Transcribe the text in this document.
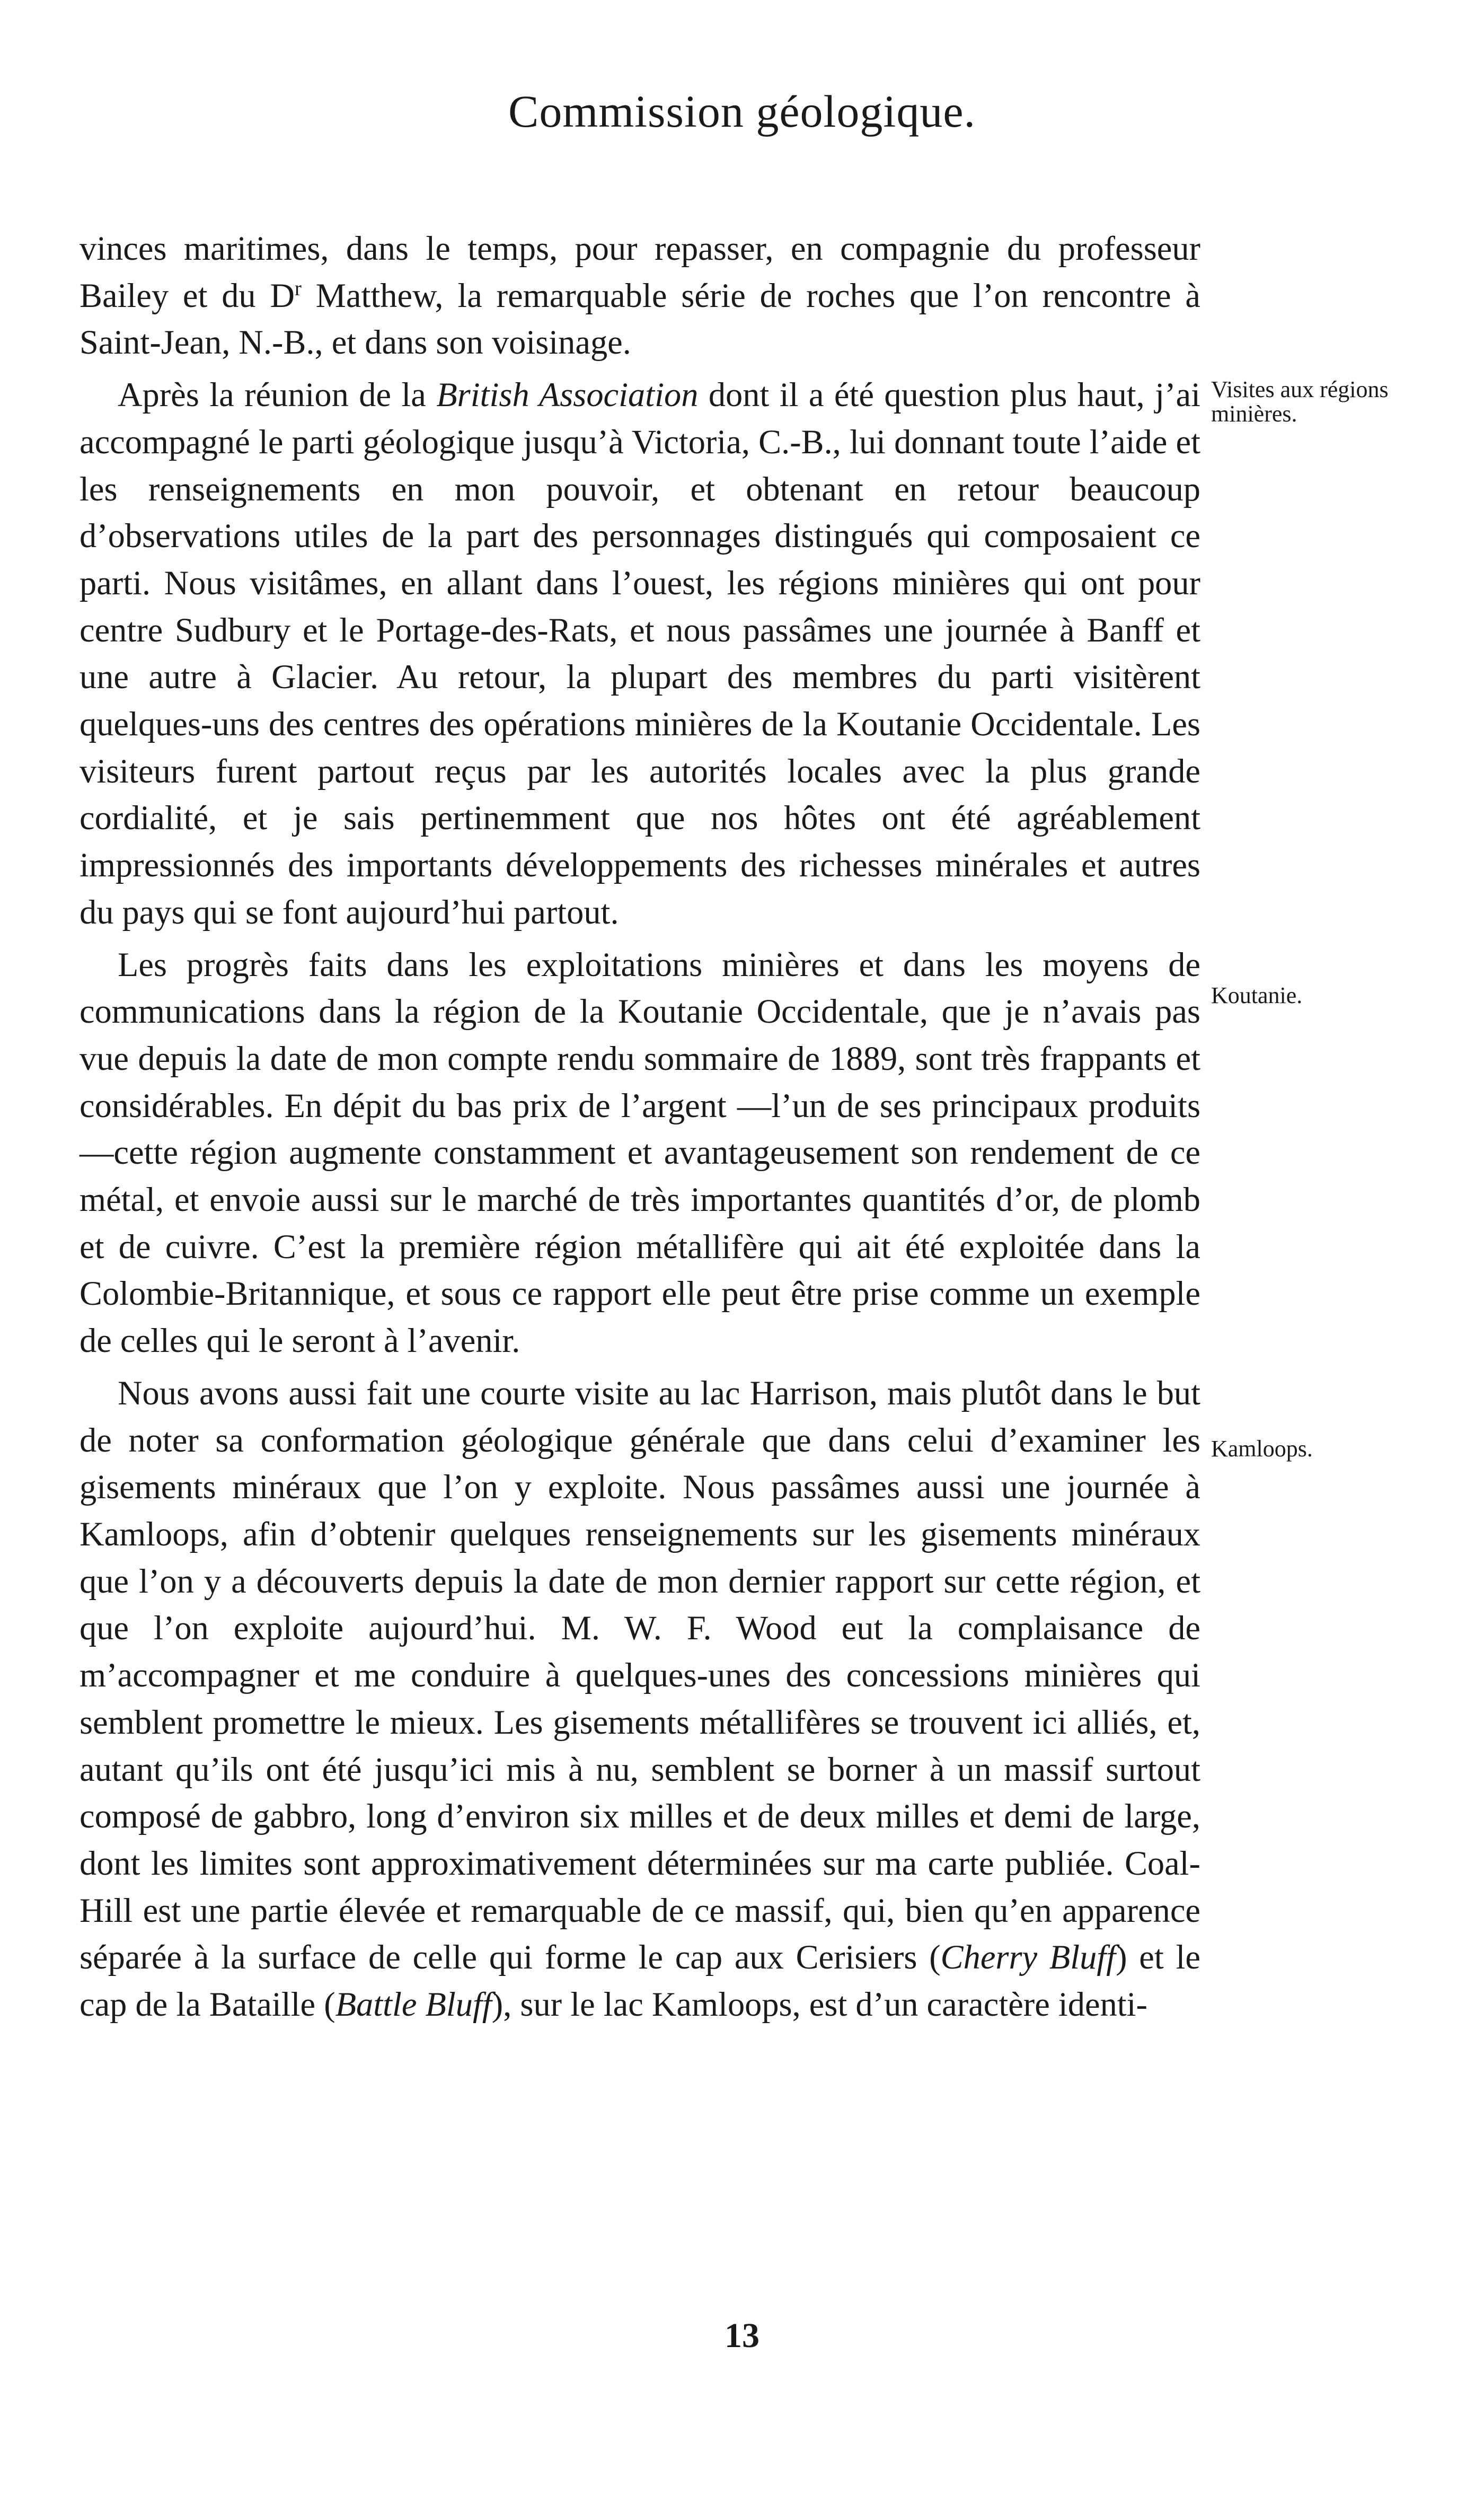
Commission géologique.

vinces maritimes, dans le temps, pour repasser, en compagnie du professeur Bailey et du $D^r$ Matthew, la remarquable série de roches que l’on rencontre à Saint-Jean, N.-B., et dans son voisinage.

Après la réunion de la British Association dont il a été question plus haut, j’ai accompagné le parti géologique jusqu’à Victoria, C.-B., lui donnant toute l’aide et les renseignements en mon pouvoir, et obtenant en retour beaucoup d’observations utiles de la part des personnages distingués qui composaient ce parti. Nous visitâmes, en allant dans l’ouest, les régions minières qui ont pour centre Sudbury et le Portage-des-Rats, et nous passâmes une journée à Banff et une autre à Glacier. Au retour, la plupart des membres du parti visitèrent quelques-uns des centres des opérations minières de la Koutanie Occidentale. Les visiteurs furent partout reçus par les autorités locales avec la plus grande cordialité, et je sais pertinemment que nos hôtes ont été agréablement impressionnés des importants développements des richesses minérales et autres du pays qui se font aujourd’hui partout.

Les progrès faits dans les exploitations minières et dans les moyens de communications dans la région de la Koutanie Occidentale, que je n’avais pas vue depuis la date de mon compte rendu sommaire de 1889, sont très frappants et considérables. En dépit du bas prix de l’argent —l’un de ses principaux produits—cette région augmente constamment et avantageusement son rendement de ce métal, et envoie aussi sur le marché de très importantes quantités d’or, de plomb et de cuivre. C’est la première région métallifère qui ait été exploitée dans la Colombie-Britannique, et sous ce rapport elle peut être prise comme un exemple de celles qui le seront à l’avenir.

Nous avons aussi fait une courte visite au lac Harrison, mais plutôt dans le but de noter sa conformation géologique générale que dans celui d’examiner les gisements minéraux que l’on y exploite. Nous passâmes aussi une journée à Kamloops, afin d’obtenir quelques renseignements sur les gisements minéraux que l’on y a découverts depuis la date de mon dernier rapport sur cette région, et que l’on exploite aujourd’hui. M. W. F. Wood eut la complaisance de m’accompagner et me conduire à quelques-unes des concessions minières qui semblent promettre le mieux. Les gisements métallifères se trouvent ici alliés, et, autant qu’ils ont été jusqu’ici mis à nu, semblent se borner à un massif surtout composé de gabbro, long d’environ six milles et de deux milles et demi de large, dont les limites sont approximativement déterminées sur ma carte publiée. Coal-Hill est une partie élevée et remarquable de ce massif, qui, bien qu’en apparence séparée à la surface de celle qui forme le cap aux Cerisiers (Cherry Bluff) et le cap de la Bataille (Battle Bluff), sur le lac Kamloops, est d’un caractère identi-

Visites aux régions minières.
Koutanie.
Kamloops.
13
